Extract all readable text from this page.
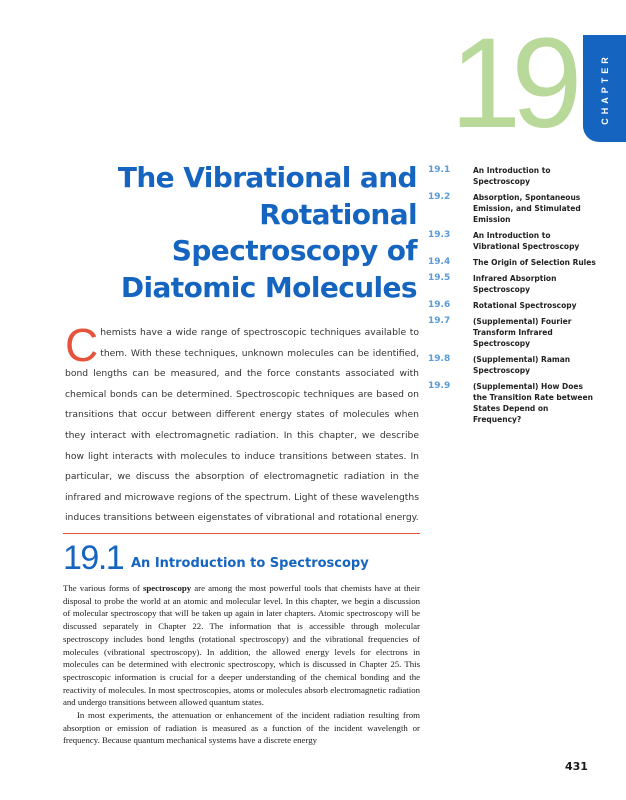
19	CHAPTER
The Vibrational and Rotational Spectroscopy of Diatomic Molecules
19.1	An Introduction to Spectroscopy
19.2	Absorption, Spontaneous Emission, and Stimulated Emission
19.3	An Introduction to Vibrational Spectroscopy
19.4	The Origin of Selection Rules
19.5	Infrared Absorption Spectroscopy
19.6	Rotational Spectroscopy
19.7	(Supplemental) Fourier Transform Infrared Spectroscopy
19.8	(Supplemental) Raman Spectroscopy
19.9	(Supplemental) How Does the Transition Rate between States Depend on Frequency?

Chemists have a wide range of spectroscopic techniques available to them. With these techniques, unknown molecules can be identified, bond lengths can be measured, and the force constants associated with chemical bonds can be determined. Spectroscopic techniques are based on transitions that occur between different energy states of molecules when they interact with electromagnetic radiation. In this chapter, we describe how light interacts with molecules to induce transitions between states. In particular, we discuss the absorption of electromagnetic radiation in the infrared and microwave regions of the spectrum. Light of these wavelengths induces transitions between eigenstates of vibrational and rotational energy.

19.1 An Introduction to Spectroscopy

The various forms of spectroscopy are among the most powerful tools that chemists have at their disposal to probe the world at an atomic and molecular level. In this chapter, we begin a discussion of molecular spectroscopy that will be taken up again in later chapters. Atomic spectroscopy will be discussed separately in Chapter 22. The information that is accessible through molecular spectroscopy includes bond lengths (rotational spectroscopy) and the vibrational frequencies of molecules (vibrational spectroscopy). In addition, the allowed energy levels for electrons in molecules can be determined with electronic spectroscopy, which is discussed in Chapter 25. This spectroscopic information is crucial for a deeper understanding of the chemical bonding and the reactivity of molecules. In most spectroscopies, atoms or molecules absorb electromagnetic radiation and undergo transitions between allowed quantum states.

In most experiments, the attenuation or enhancement of the incident radiation resulting from absorption or emission of radiation is measured as a function of the incident wavelength or frequency. Because quantum mechanical systems have a discrete energy

431
